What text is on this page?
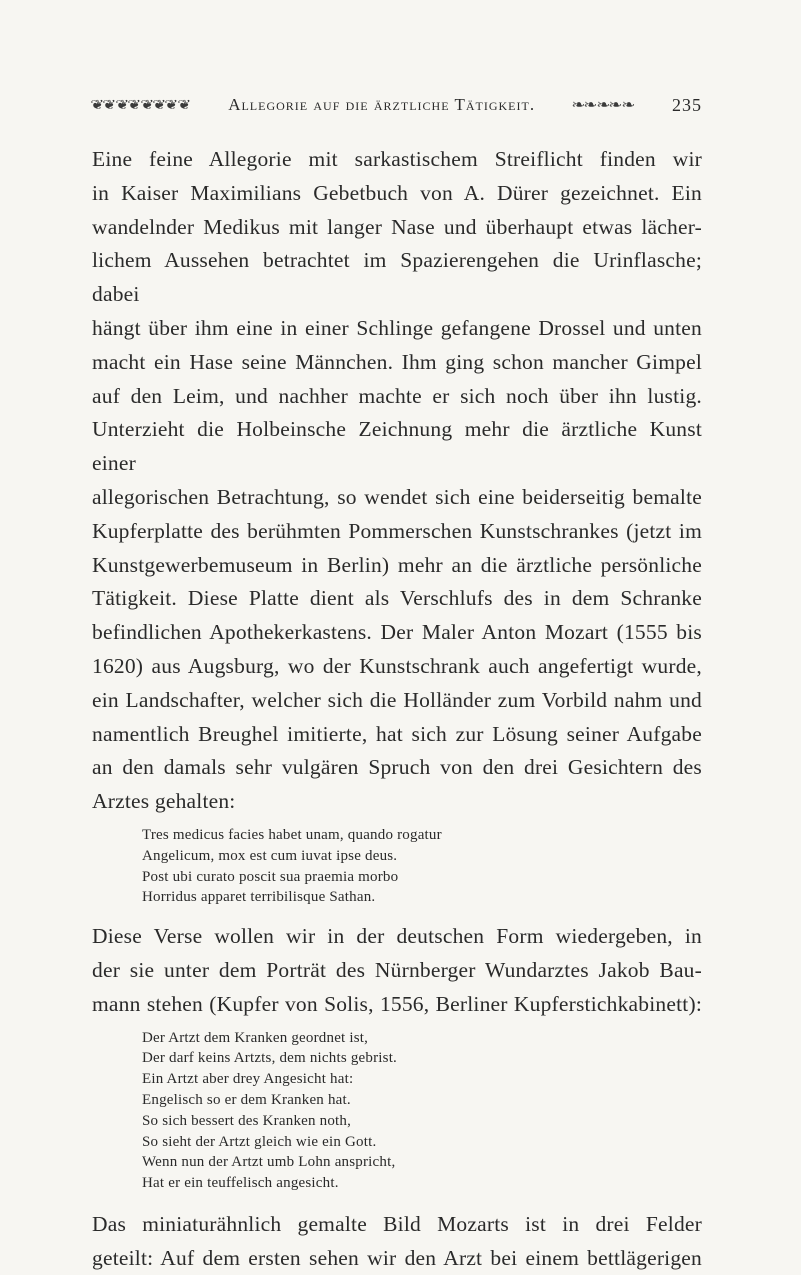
❦
❦
❦
❦
❦
❦
❦
❦ Allegorie auf die ärztliche Tätigkeit.	❧
❧
❧
❧
❧ 235

Eine feine Allegorie mit sarkastischem Streiflicht finden wir

in Kaiser Maximilians Gebetbuch von A. Dürer gezeichnet. Ein

wandelnder Medikus mit langer Nase und überhaupt etwas lächer-

lichem Aussehen betrachtet im Spazierengehen die Urinflasche; dabei

hängt über ihm eine in einer Schlinge gefangene Drossel und unten

macht ein Hase seine Männchen. Ihm ging schon mancher Gimpel

auf den Leim, und nachher machte er sich noch über ihn lustig.

Unterzieht die Holbeinsche Zeichnung mehr die ärztliche Kunst einer

allegorischen Betrachtung, so wendet sich eine beiderseitig bemalte

Kupferplatte des berühmten Pommerschen Kunstschrankes (jetzt im

Kunstgewerbemuseum in Berlin) mehr an die ärztliche persönliche

Tätigkeit. Diese Platte dient als Verschlufs des in dem Schranke

befindlichen Apothekerkastens. Der Maler Anton Mozart (1555 bis

1620) aus Augsburg, wo der Kunstschrank auch angefertigt wurde,

ein Landschafter, welcher sich die Holländer zum Vorbild nahm und

namentlich Breughel imitierte, hat sich zur Lösung seiner Aufgabe

an den damals sehr vulgären Spruch von den drei Gesichtern des

Arztes gehalten:

Tres medicus facies habet unam, quando rogatur
Angelicum, mox est cum iuvat ipse deus.
Post ubi curato poscit sua praemia morbo
Horridus apparet terribilisque Sathan.

Diese Verse wollen wir in der deutschen Form wiedergeben, in

der sie unter dem Porträt des Nürnberger Wundarztes Jakob Bau-

mann stehen (Kupfer von Solis, 1556, Berliner Kupferstichkabinett):

Der Artzt dem Kranken geordnet ist,
Der darf keins Artzts, dem nichts gebrist.
Ein Artzt aber drey Angesicht hat:
Engelisch so er dem Kranken hat.
So sich bessert des Kranken noth,
So sieht der Artzt gleich wie ein Gott.
Wenn nun der Artzt umb Lohn anspricht,
Hat er ein teuffelisch angesicht.

Das miniaturähnlich gemalte Bild Mozarts ist in drei Felder

geteilt: Auf dem ersten sehen wir den Arzt bei einem bettlägerigen
